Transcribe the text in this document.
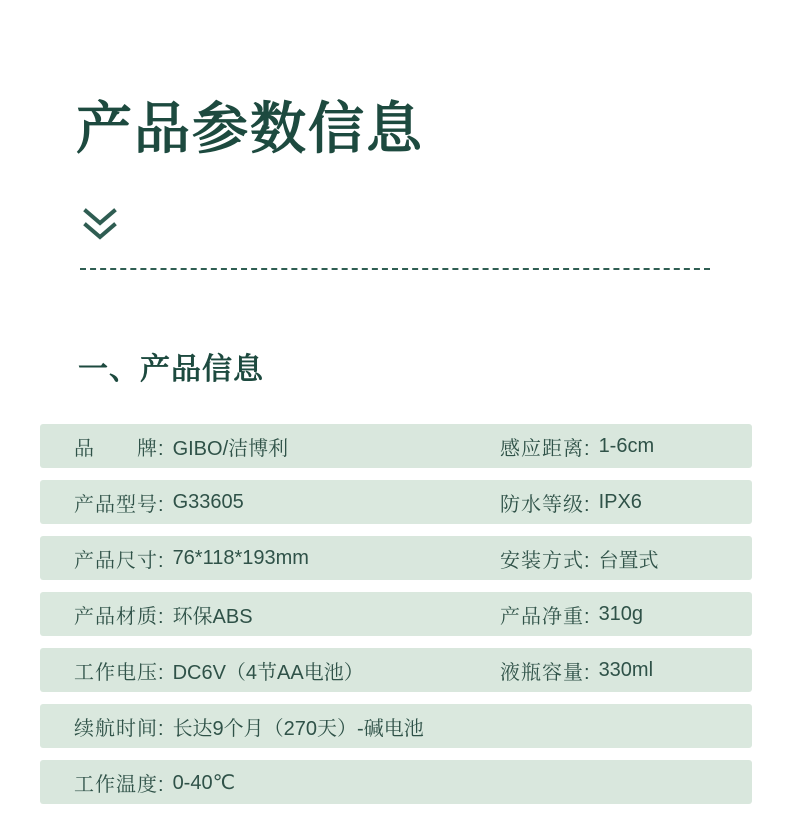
产品参数信息
一、产品信息
品　　牌: GIBO/洁博利	感应距离: 1-6cm
产品型号: G33605	防水等级: IPX6
产品尺寸: 76*118*193mm	安装方式: 台置式
产品材质: 环保ABS	产品净重: 310g
工作电压: DC6V（4节AA电池）	液瓶容量: 330ml
续航时间: 长达9个月（270天）-碱电池
工作温度: 0-40℃
